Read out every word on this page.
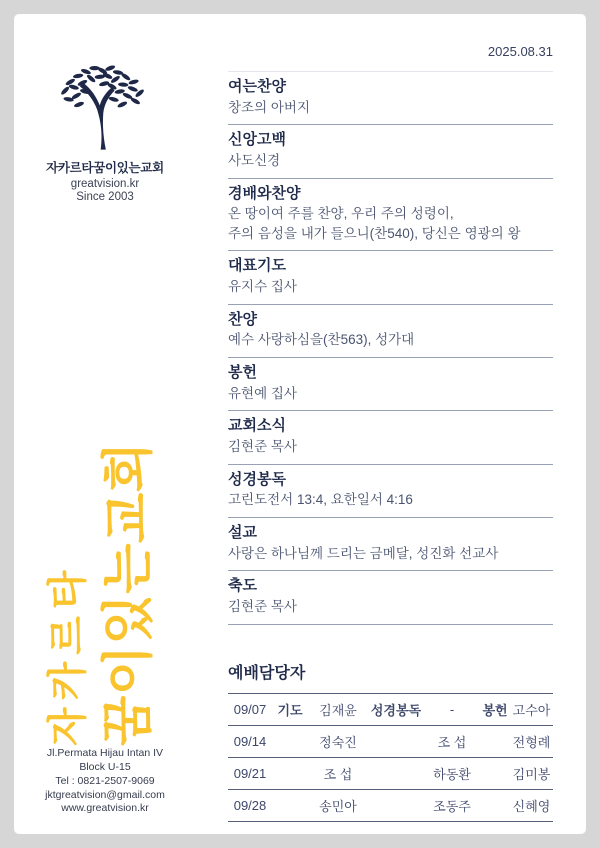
자카르타꿈이있는교회
greatvision.kr
Since 2003
자카르타 꿈이있는교회
Jl.Permata Hijau Intan IV
Block U-15
Tel : 0821-2507-9069
jktgreatvision@gmail.com
www.greatvision.kr
2025.08.31
여는찬양
창조의 아버지
신앙고백
사도신경
경배와찬양
온 땅이여 주를 찬양, 우리 주의 성령이,
주의 음성을 내가 들으니(찬540), 당신은 영광의 왕
대표기도
유지수 집사
찬양
예수 사랑하심을(찬563), 성가대
봉헌
유현예 집사
교회소식
김현준 목사
성경봉독
고린도전서 13:4, 요한일서 4:16
설교
사랑은 하나님께 드리는 금메달, 성진화 선교사
축도
김현준 목사
예배담당자
09/07	기도	김재윤	성경봉독	-	봉헌	고수아
09/14		정숙진		조 섭		전형례
09/21		조 섭		하동환		김미봉
09/28		송민아		조동주		신혜영
